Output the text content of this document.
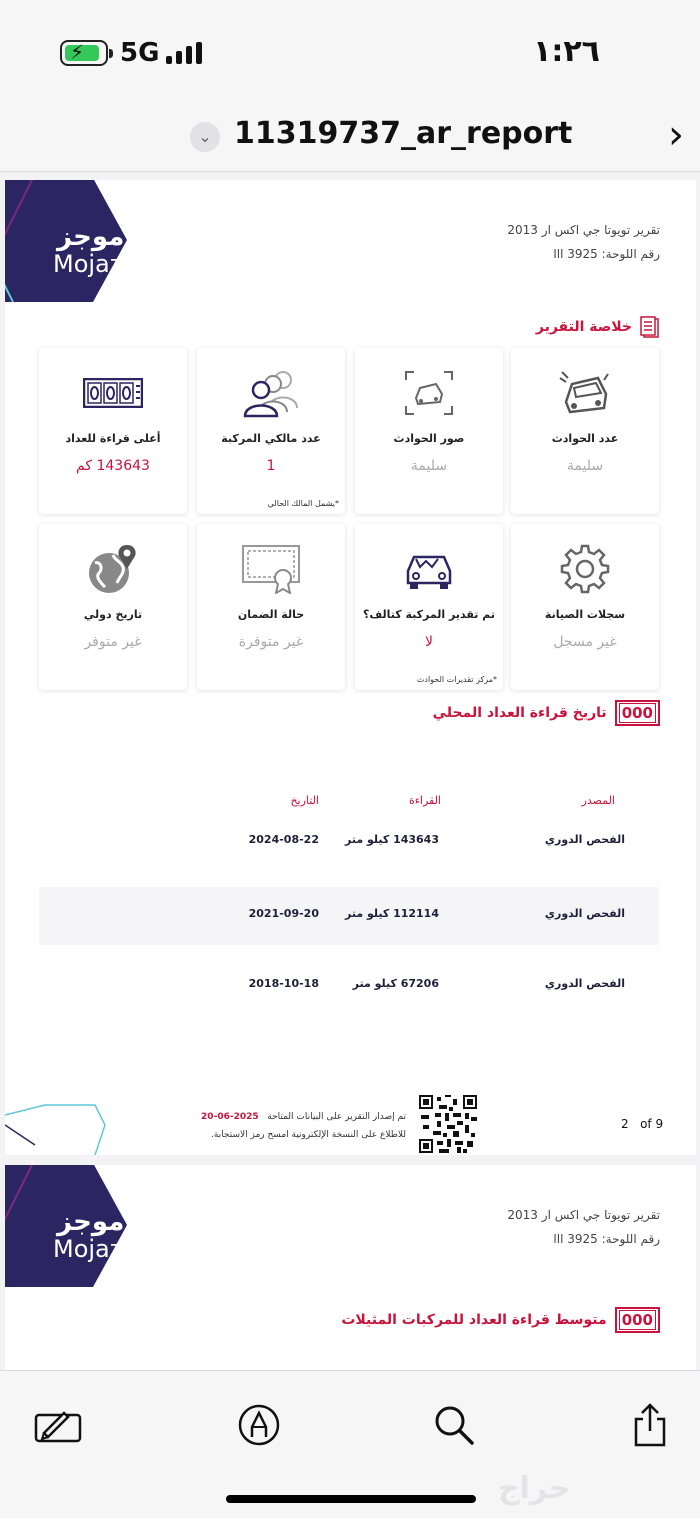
⚡ 5G	١:٢٦
⌄ 11319737_ar_report ›
موجز
Mojaz
تقرير تويوتا جي اكس ار 2013
رقم اللوحة: 3925 ااا
خلاصة التقرير
عدد الحوادث
سليمة
صور الحوادث
سليمة
عدد مالكي المركبة
1
*يشمل المالك الحالي
أعلى قراءة للعداد
143643 كم
سجلات الصيانة
غير مسجل
تم تقدير المركبة كتالف؟
لا
*مركز تقديرات الحوادث
حالة الضمان
غير متوفرة
تاريخ دولي
غير متوفر
000
تاريخ قراءة العداد المحلي
المصدر
القراءة
التاريخ
الفحص الدوري
143643 كيلو متر
2024-08-22
الفحص الدوري
112114 كيلو متر
2021-09-20
الفحص الدوري
67206 كيلو متر
2018-10-18
تم إصدار التقرير على البيانات المتاحة   2025-06-20
للاطلاع على النسخة الإلكترونية امسح رمز الاستجابة.
2 of 9
موجز
Mojaz
تقرير تويوتا جي اكس ار 2013
رقم اللوحة: 3925 ااا
000
متوسط قراءة العداد للمركبات المثيلات
حراج
